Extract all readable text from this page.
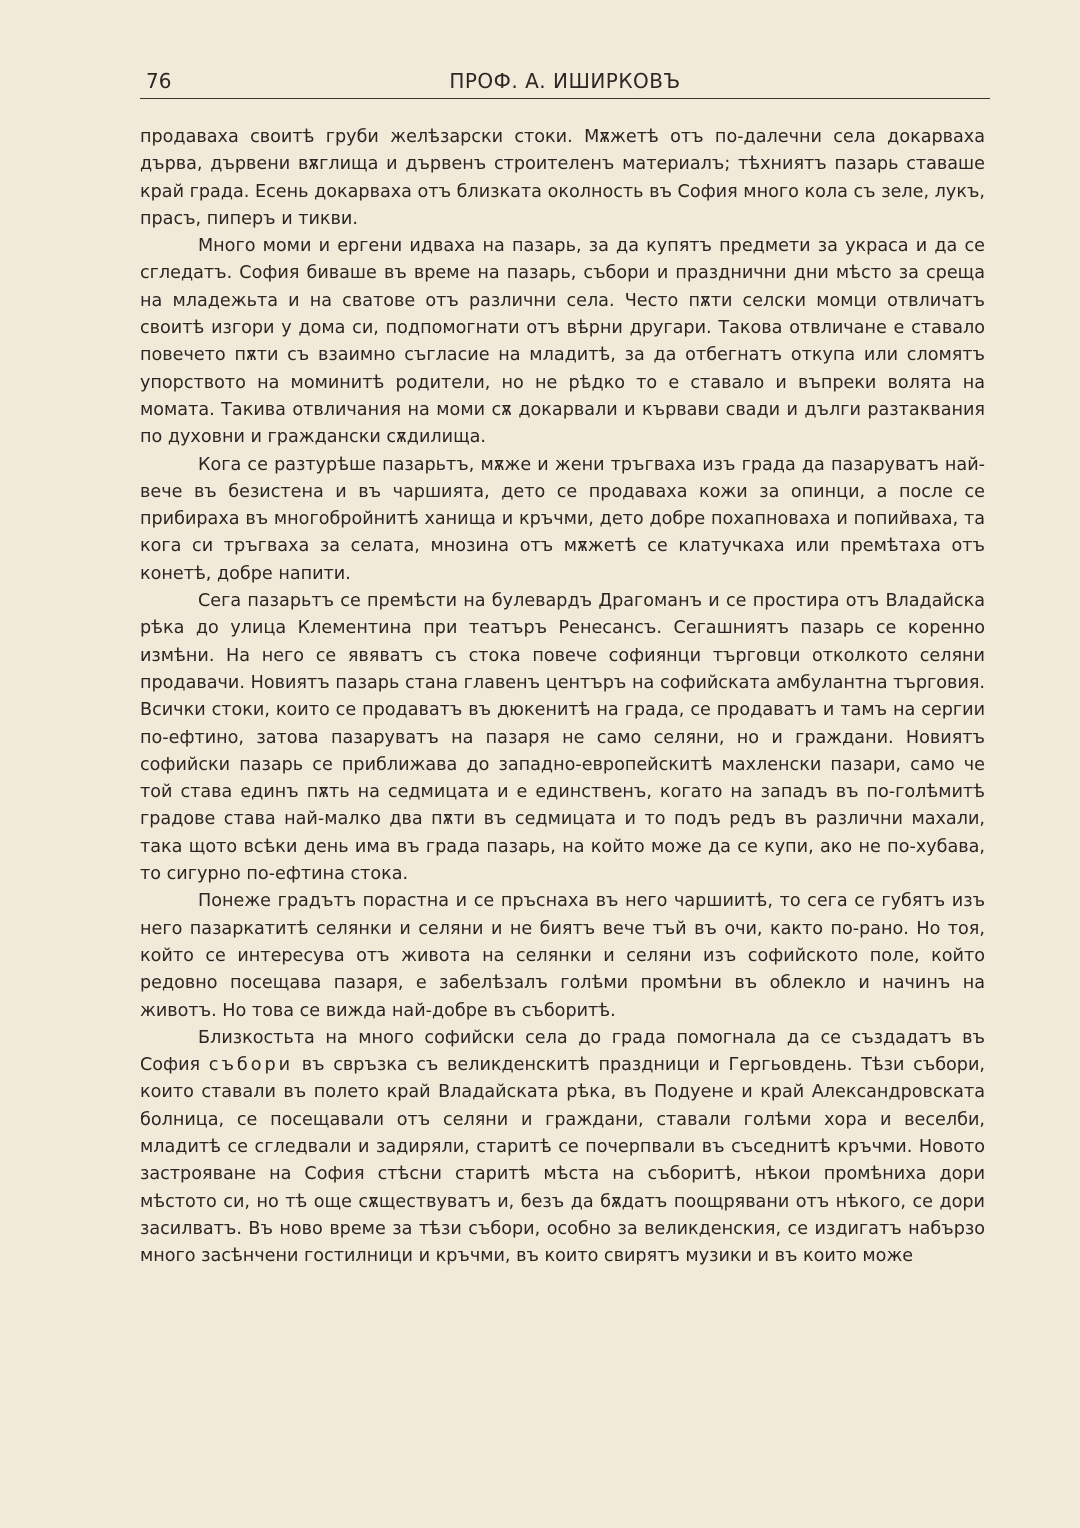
76	ПРОФ. А. ИШИРКОВЪ

продаваха своитѣ груби желѣзарски стоки. Мѫжетѣ отъ по-далечни села докарваха дърва, дървени вѫглища и дървенъ строителенъ материалъ; тѣхниятъ пазарь ставаше край града. Есень докарваха отъ близката околность въ София много кола съ зеле, лукъ, прасъ, пиперъ и тикви.

Много моми и ергени идваха на пазарь, за да купятъ предмети за украса и да се сгледатъ. София биваше въ време на пазарь, събори и празднични дни мѣсто за среща на младежьта и на сватове отъ различни села. Често пѫти селски момци отвличатъ своитѣ изгори у дома си, подпомогнати отъ вѣрни другари. Такова отвличане е ставало повечето пѫти съ взаимно съгласие на младитѣ, за да отбегнатъ откупа или сломятъ упорството на моминитѣ родители, но не рѣдко то е ставало и въпреки волята на момата. Такива отвличания на моми сѫ докарвали и кървави свади и дълги разтаквания по духовни и граждански сѫдилища.

Кога се разтурѣше пазарьтъ, мѫже и жени тръгваха изъ града да пазаруватъ най-вече въ безистена и въ чаршията, дето се продаваха кожи за опинци, а после се прибираха въ многобройнитѣ ханища и кръчми, дето добре похапноваха и попийваха, та кога си тръгваха за селата, мнозина отъ мѫжетѣ се клатучкаха или премѣтаха отъ конетѣ, добре напити.

Сега пазарьтъ се премѣсти на булевардъ Драгоманъ и се простира отъ Владайска рѣка до улица Клементина при театъръ Ренесансъ. Сегашниятъ пазарь се коренно измѣни. На него се явяватъ съ стока повече софиянци търговци отколкото селяни продавачи. Новиятъ пазарь стана главенъ центъръ на софийската амбулантна търговия. Всички стоки, които се продаватъ въ дюкенитѣ на града, се продаватъ и тамъ на сергии по-ефтино, затова пазаруватъ на пазаря не само селяни, но и граждани. Новиятъ софийски пазарь се приближава до западно-европейскитѣ махленски пазари, само че той става единъ пѫть на седмицата и е единственъ, когато на западъ въ по-голѣмитѣ градове става най-малко два пѫти въ седмицата и то подъ редъ въ различни махали, така щото всѣки день има въ града пазарь, на който може да се купи, ако не по-хубава, то сигурно по-ефтина стока.

Понеже градътъ порастна и се пръснаха въ него чаршиитѣ, то сега се губятъ изъ него пазаркатитѣ селянки и селяни и не биятъ вече тъй въ очи, както по-рано. Но тоя, който се интересува отъ живота на селянки и селяни изъ софийското поле, който редовно посещава пазаря, е забелѣзалъ голѣми промѣни въ облекло и начинъ на животъ. Но това се вижда най-добре въ съборитѣ.

Близкостьта на много софийски села до града помогнала да се създадатъ въ София събори въ свръзка съ великденскитѣ праздници и Гергьовдень. Тѣзи събори, които ставали въ полето край Владайската рѣка, въ Подуене и край Александровската болница, се посещавали отъ селяни и граждани, ставали голѣми хора и веселби, младитѣ се сгледвали и задиряли, старитѣ се почерпвали въ съседнитѣ кръчми. Новото застрояване на София стѣсни старитѣ мѣста на съборитѣ, нѣкои промѣниха дори мѣстото си, но тѣ още сѫществуватъ и, безъ да бѫдатъ поощрявани отъ нѣкого, се дори засилватъ. Въ ново време за тѣзи събори, особно за великденския, се издигатъ набързо много засѣнчени гостилници и кръчми, въ които свирятъ музики и въ които може
